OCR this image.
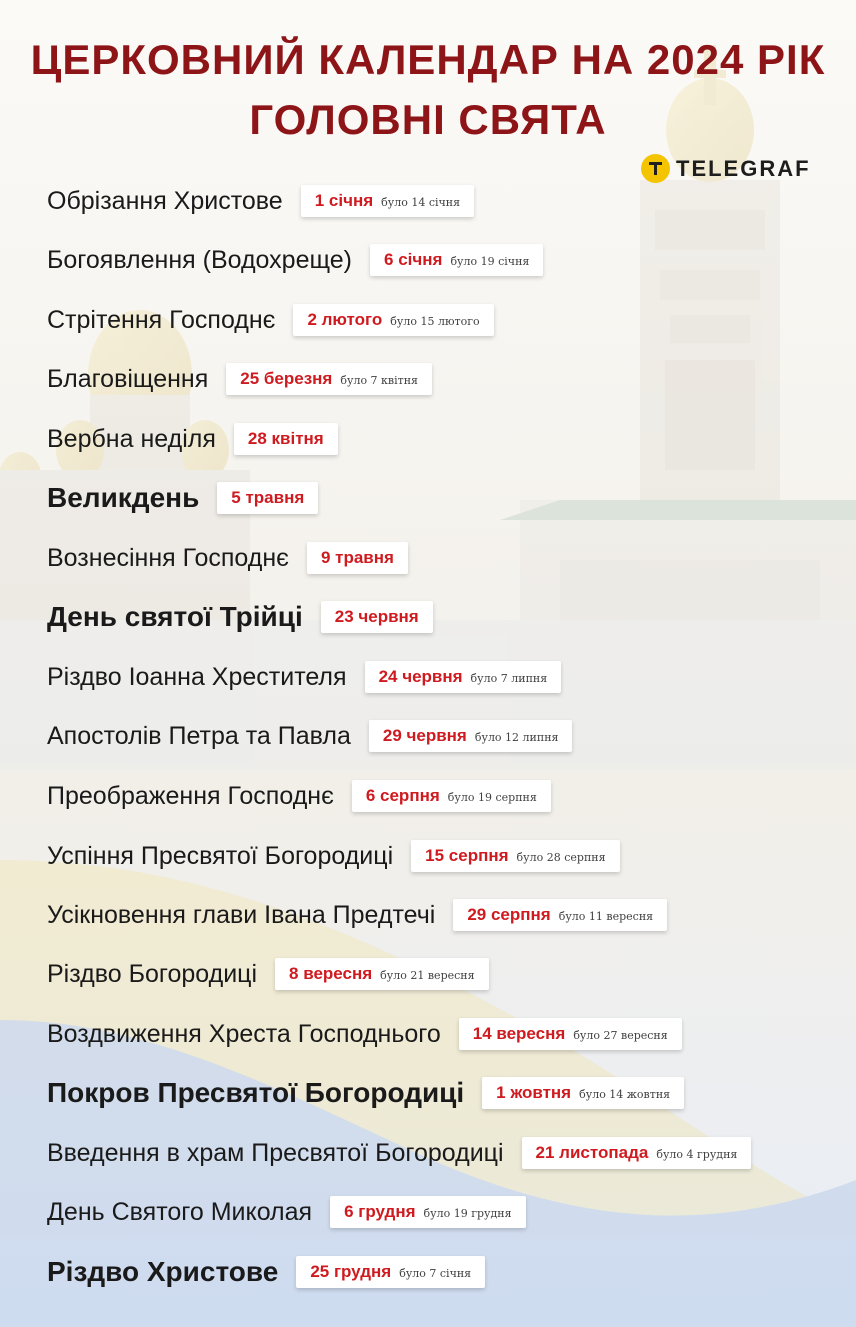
ЦЕРКОВНИЙ КАЛЕНДАР НА 2024 РІК
ГОЛОВНІ СВЯТА
TELEGRAF
Обрізання Христове 1 січня було 14 січня
Богоявлення (Водохреще) 6 січня було 19 січня
Стрітення Господнє 2 лютого було 15 лютого
Благовіщення 25 березня було 7 квітня
Вербна неділя 28 квітня
Великдень 5 травня
Вознесіння Господнє 9 травня
День святої Трійці 23 червня
Різдво Іоанна Хрестителя 24 червня було 7 липня
Апостолів Петра та Павла 29 червня було 12 липня
Преображення Господнє 6 серпня було 19 серпня
Успіння Пресвятої Богородиці 15 серпня було 28 серпня
Усікновення глави Івана Предтечі 29 серпня було 11 вересня
Різдво Богородиці 8 вересня було 21 вересня
Воздвиження Хреста Господнього 14 вересня було 27 вересня
Покров Пресвятої Богородиці 1 жовтня було 14 жовтня
Введення в храм Пресвятої Богородиці 21 листопада було 4 грудня
День Святого Миколая 6 грудня було 19 грудня
Різдво Христове 25 грудня було 7 січня
